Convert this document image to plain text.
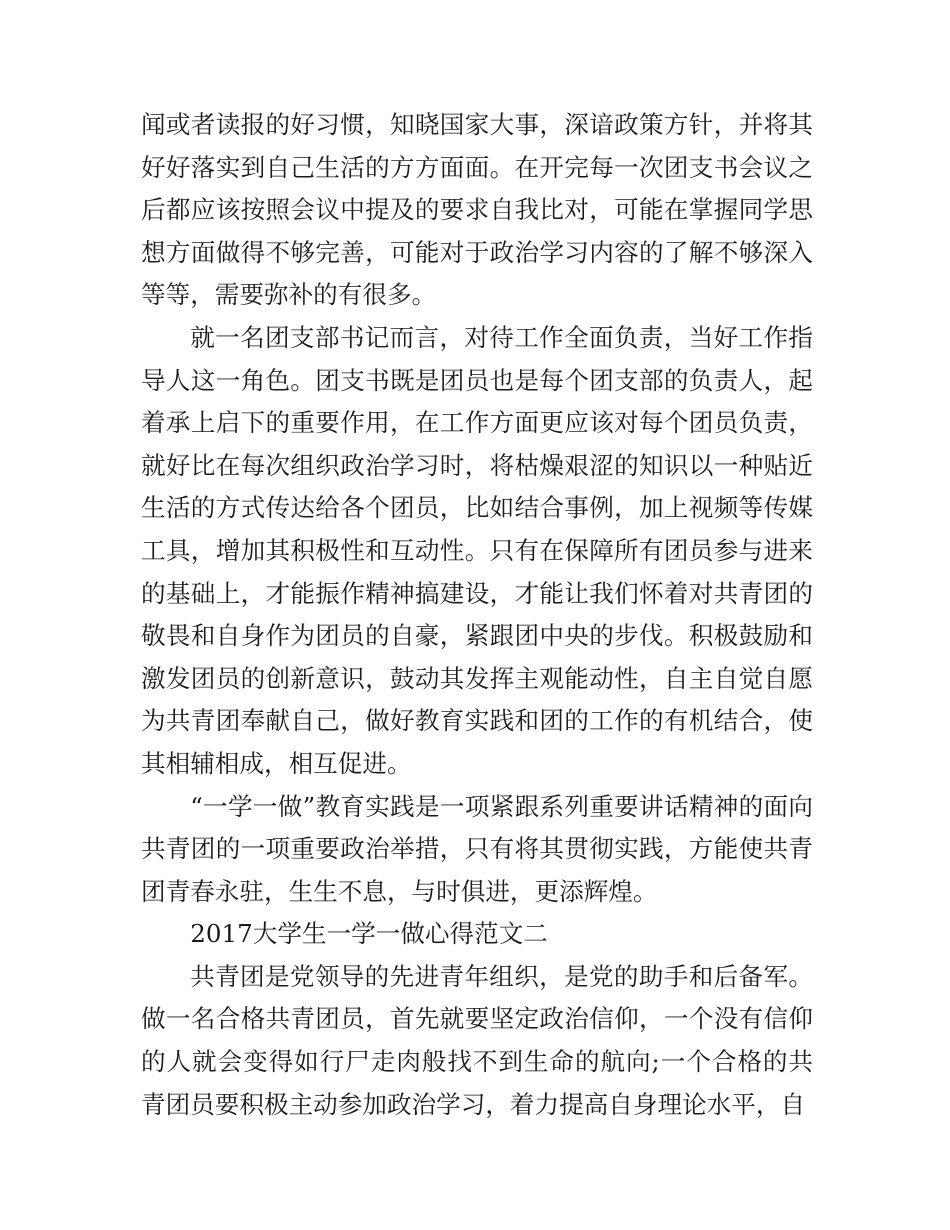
闻或者读报的好习惯，知晓国家大事，深谙政策方针，并将其好好落实到自己生活的方方面面。在开完每一次团支书会议之后都应该按照会议中提及的要求自我比对，可能在掌握同学思想方面做得不够完善，可能对于政治学习内容的了解不够深入等等，需要弥补的有很多。

就一名团支部书记而言，对待工作全面负责，当好工作指导人这一角色。团支书既是团员也是每个团支部的负责人，起着承上启下的重要作用，在工作方面更应该对每个团员负责，就好比在每次组织政治学习时，将枯燥艰涩的知识以一种贴近生活的方式传达给各个团员，比如结合事例，加上视频等传媒工具，增加其积极性和互动性。只有在保障所有团员参与进来的基础上，才能振作精神搞建设，才能让我们怀着对共青团的敬畏和自身作为团员的自豪，紧跟团中央的步伐。积极鼓励和激发团员的创新意识，鼓动其发挥主观能动性，自主自觉自愿为共青团奉献自己，做好教育实践和团的工作的有机结合，使其相辅相成，相互促进。

“一学一做”教育实践是一项紧跟系列重要讲话精神的面向共青团的一项重要政治举措，只有将其贯彻实践，方能使共青团青春永驻，生生不息，与时俱进，更添辉煌。

2017大学生一学一做心得范文二

共青团是党领导的先进青年组织，是党的助手和后备军。做一名合格共青团员，首先就要坚定政治信仰，一个没有信仰的人就会变得如行尸走肉般找不到生命的航向;一个合格的共青团员要积极主动参加政治学习，着力提高自身理论水平，自
